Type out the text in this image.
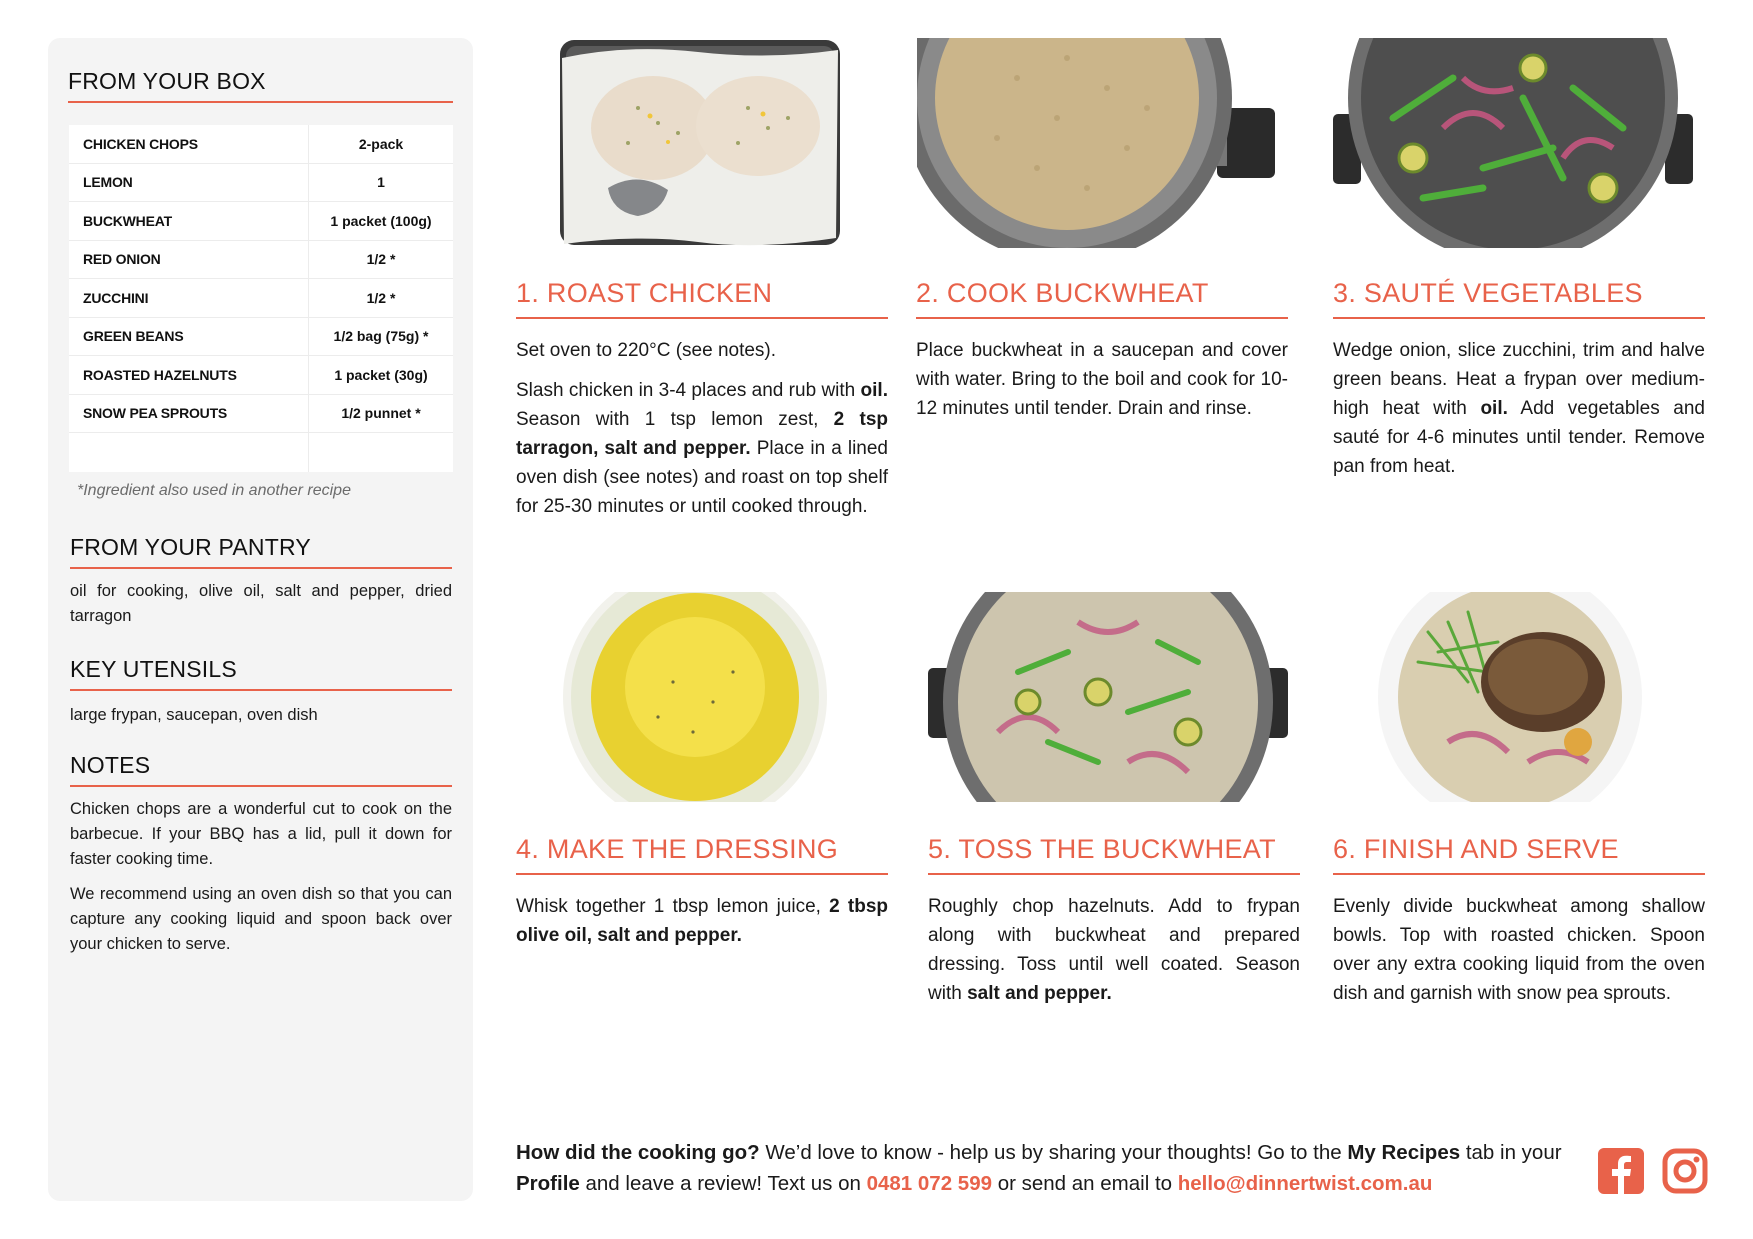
FROM YOUR BOX
CHICKEN CHOPS	2-pack
LEMON	1
BUCKWHEAT	1 packet (100g)
RED ONION	1/2 *
ZUCCHINI	1/2 *
GREEN BEANS	1/2 bag (75g) *
ROASTED HAZELNUTS	1 packet (30g)
SNOW PEA SPROUTS	1/2 punnet *
*Ingredient also used in another recipe
FROM YOUR PANTRY
oil for cooking, olive oil, salt and pepper, dried tarragon
KEY UTENSILS
large frypan, saucepan, oven dish
NOTES

Chicken chops are a wonderful cut to cook on the barbecue. If your BBQ has a lid, pull it down for faster cooking time.

We recommend using an oven dish so that you can capture any cooking liquid and spoon back over your chicken to serve.

1. ROAST CHICKEN

Set oven to 220°C (see notes).

Slash chicken in 3-4 places and rub with oil. Season with 1 tsp lemon zest, 2 tsp tarragon, salt and pepper. Place in a lined oven dish (see notes) and roast on top shelf for 25-30 minutes or until cooked through.

2. COOK BUCKWHEAT

Place buckwheat in a saucepan and cover with water. Bring to the boil and cook for 10-12 minutes until tender. Drain and rinse.

3. SAUTÉ VEGETABLES

Wedge onion, slice zucchini, trim and halve green beans. Heat a frypan over medium-high heat with oil. Add vegetables and sauté for 4-6 minutes until tender. Remove pan from heat.

4. MAKE THE DRESSING

Whisk together 1 tbsp lemon juice, 2 tbsp olive oil, salt and pepper.

5. TOSS THE BUCKWHEAT

Roughly chop hazelnuts. Add to frypan along with buckwheat and prepared dressing. Toss until well coated. Season with salt and pepper.

6. FINISH AND SERVE

Evenly divide buckwheat among shallow bowls. Top with roasted chicken. Spoon over any extra cooking liquid from the oven dish and garnish with snow pea sprouts.

How did the cooking go? We’d love to know - help us by sharing your thoughts! Go to the My Recipes tab in your Profile and leave a review! Text us on 0481 072 599 or send an email to hello@dinnertwist.com.au
